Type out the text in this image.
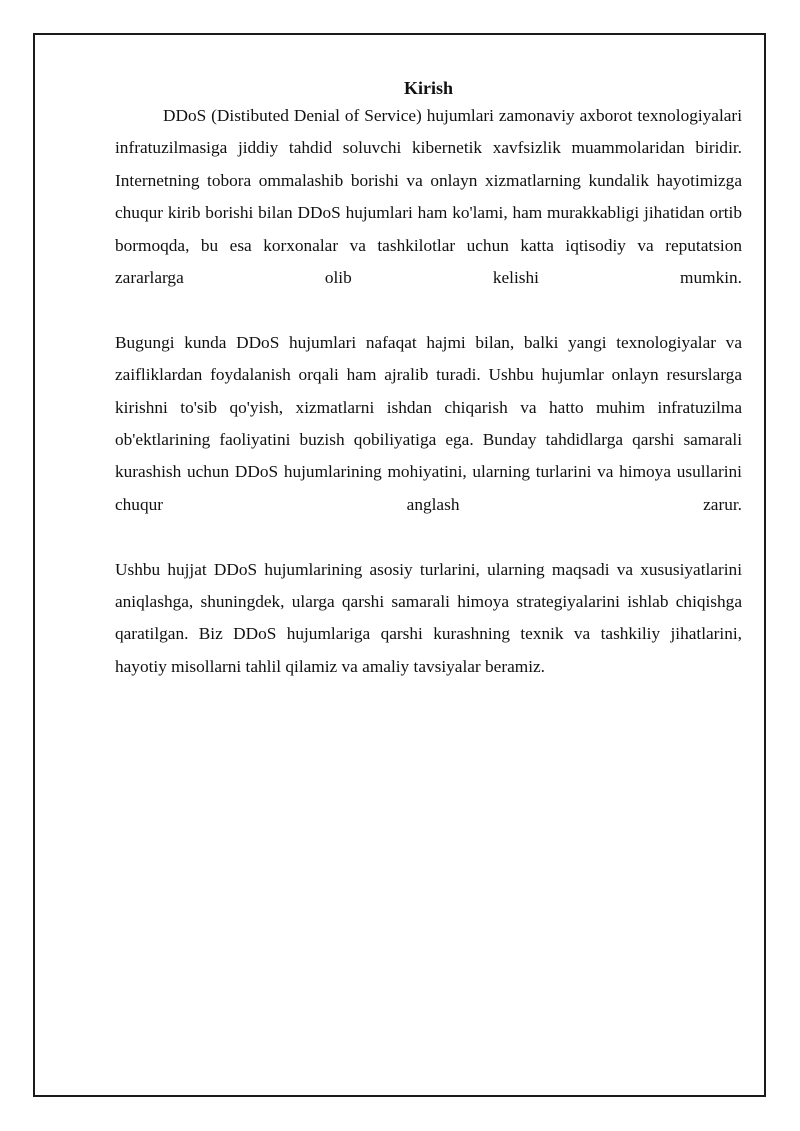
Kirish

DDoS (Distibuted Denial of Service) hujumlari zamonaviy axborot texnologiyalari infratuzilmasiga jiddiy tahdid soluvchi kibernetik xavfsizlik muammolaridan biridir. Internetning tobora ommalashib borishi va onlayn xizmatlarning kundalik hayotimizga chuqur kirib borishi bilan DDoS hujumlari ham ko'lami, ham murakkabligi jihatidan ortib bormoqda, bu esa korxonalar va tashkilotlar uchun katta iqtisodiy va reputatsion zararlarga olib kelishi mumkin.

Bugungi kunda DDoS hujumlari nafaqat hajmi bilan, balki yangi texnologiyalar va zaifliklardan foydalanish orqali ham ajralib turadi. Ushbu hujumlar onlayn resurslarga kirishni to'sib qo'yish, xizmatlarni ishdan chiqarish va hatto muhim infratuzilma ob'ektlarining faoliyatini buzish qobiliyatiga ega. Bunday tahdidlarga qarshi samarali kurashish uchun DDoS hujumlarining mohiyatini, ularning turlarini va himoya usullarini chuqur anglash zarur.

Ushbu hujjat DDoS hujumlarining asosiy turlarini, ularning maqsadi va xususiyatlarini aniqlashga, shuningdek, ularga qarshi samarali himoya strategiyalarini ishlab chiqishga qaratilgan. Biz DDoS hujumlariga qarshi kurashning texnik va tashkiliy jihatlarini, hayotiy misollarni tahlil qilamiz va amaliy tavsiyalar beramiz.
